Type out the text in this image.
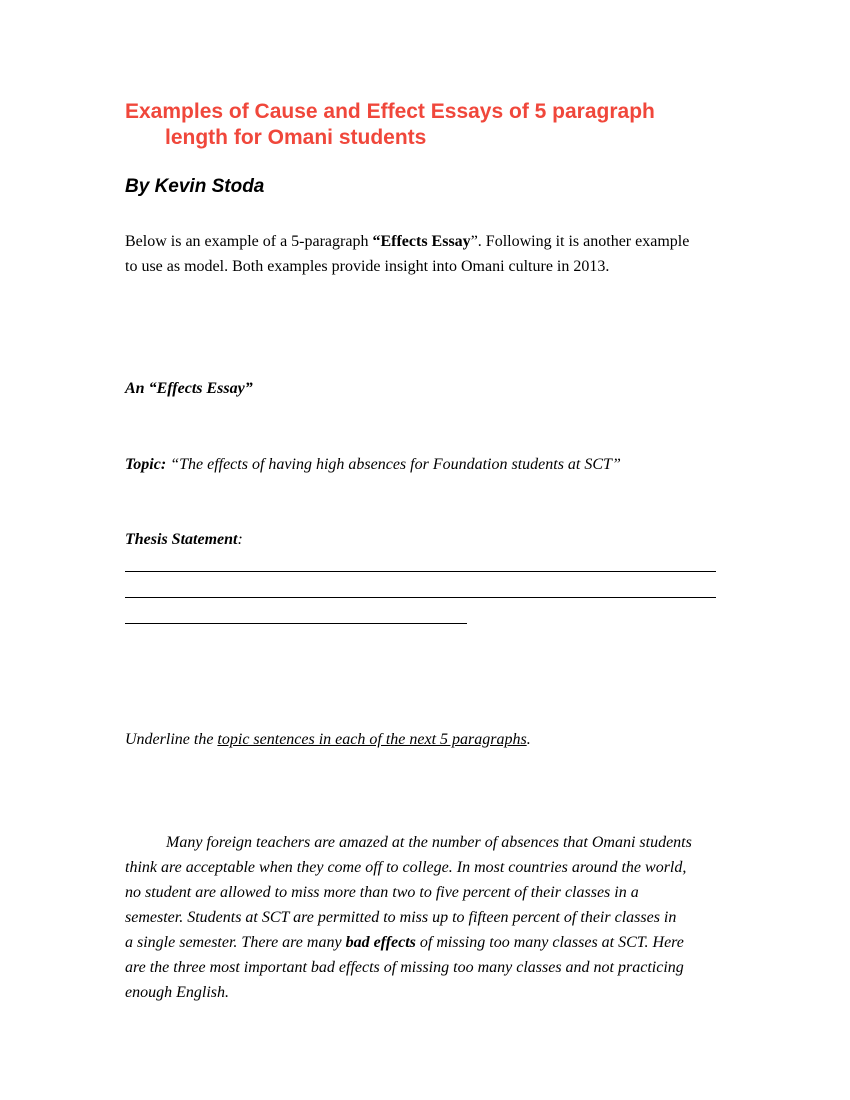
Examples of Cause and Effect Essays of 5 paragraph
length for Omani students
By Kevin Stoda
Below is an example of a 5-paragraph “Effects Essay”. Following it is another example
to use as model. Both examples provide insight into Omani culture in 2013.
An “Effects Essay”
Topic: “The effects of having high absences for Foundation students at SCT”
Thesis Statement:
Underline the topic sentences in each of the next 5 paragraphs.
Many foreign teachers are amazed at the number of absences that Omani students
think are acceptable when they come off to college. In most countries around the world,
no student are allowed to miss more than two to five percent of their classes in a
semester. Students at SCT are permitted to miss up to fifteen percent of their classes in
a single semester. There are many bad effects of missing too many classes at SCT. Here
are the three most important bad effects of missing too many classes and not practicing
enough English.
